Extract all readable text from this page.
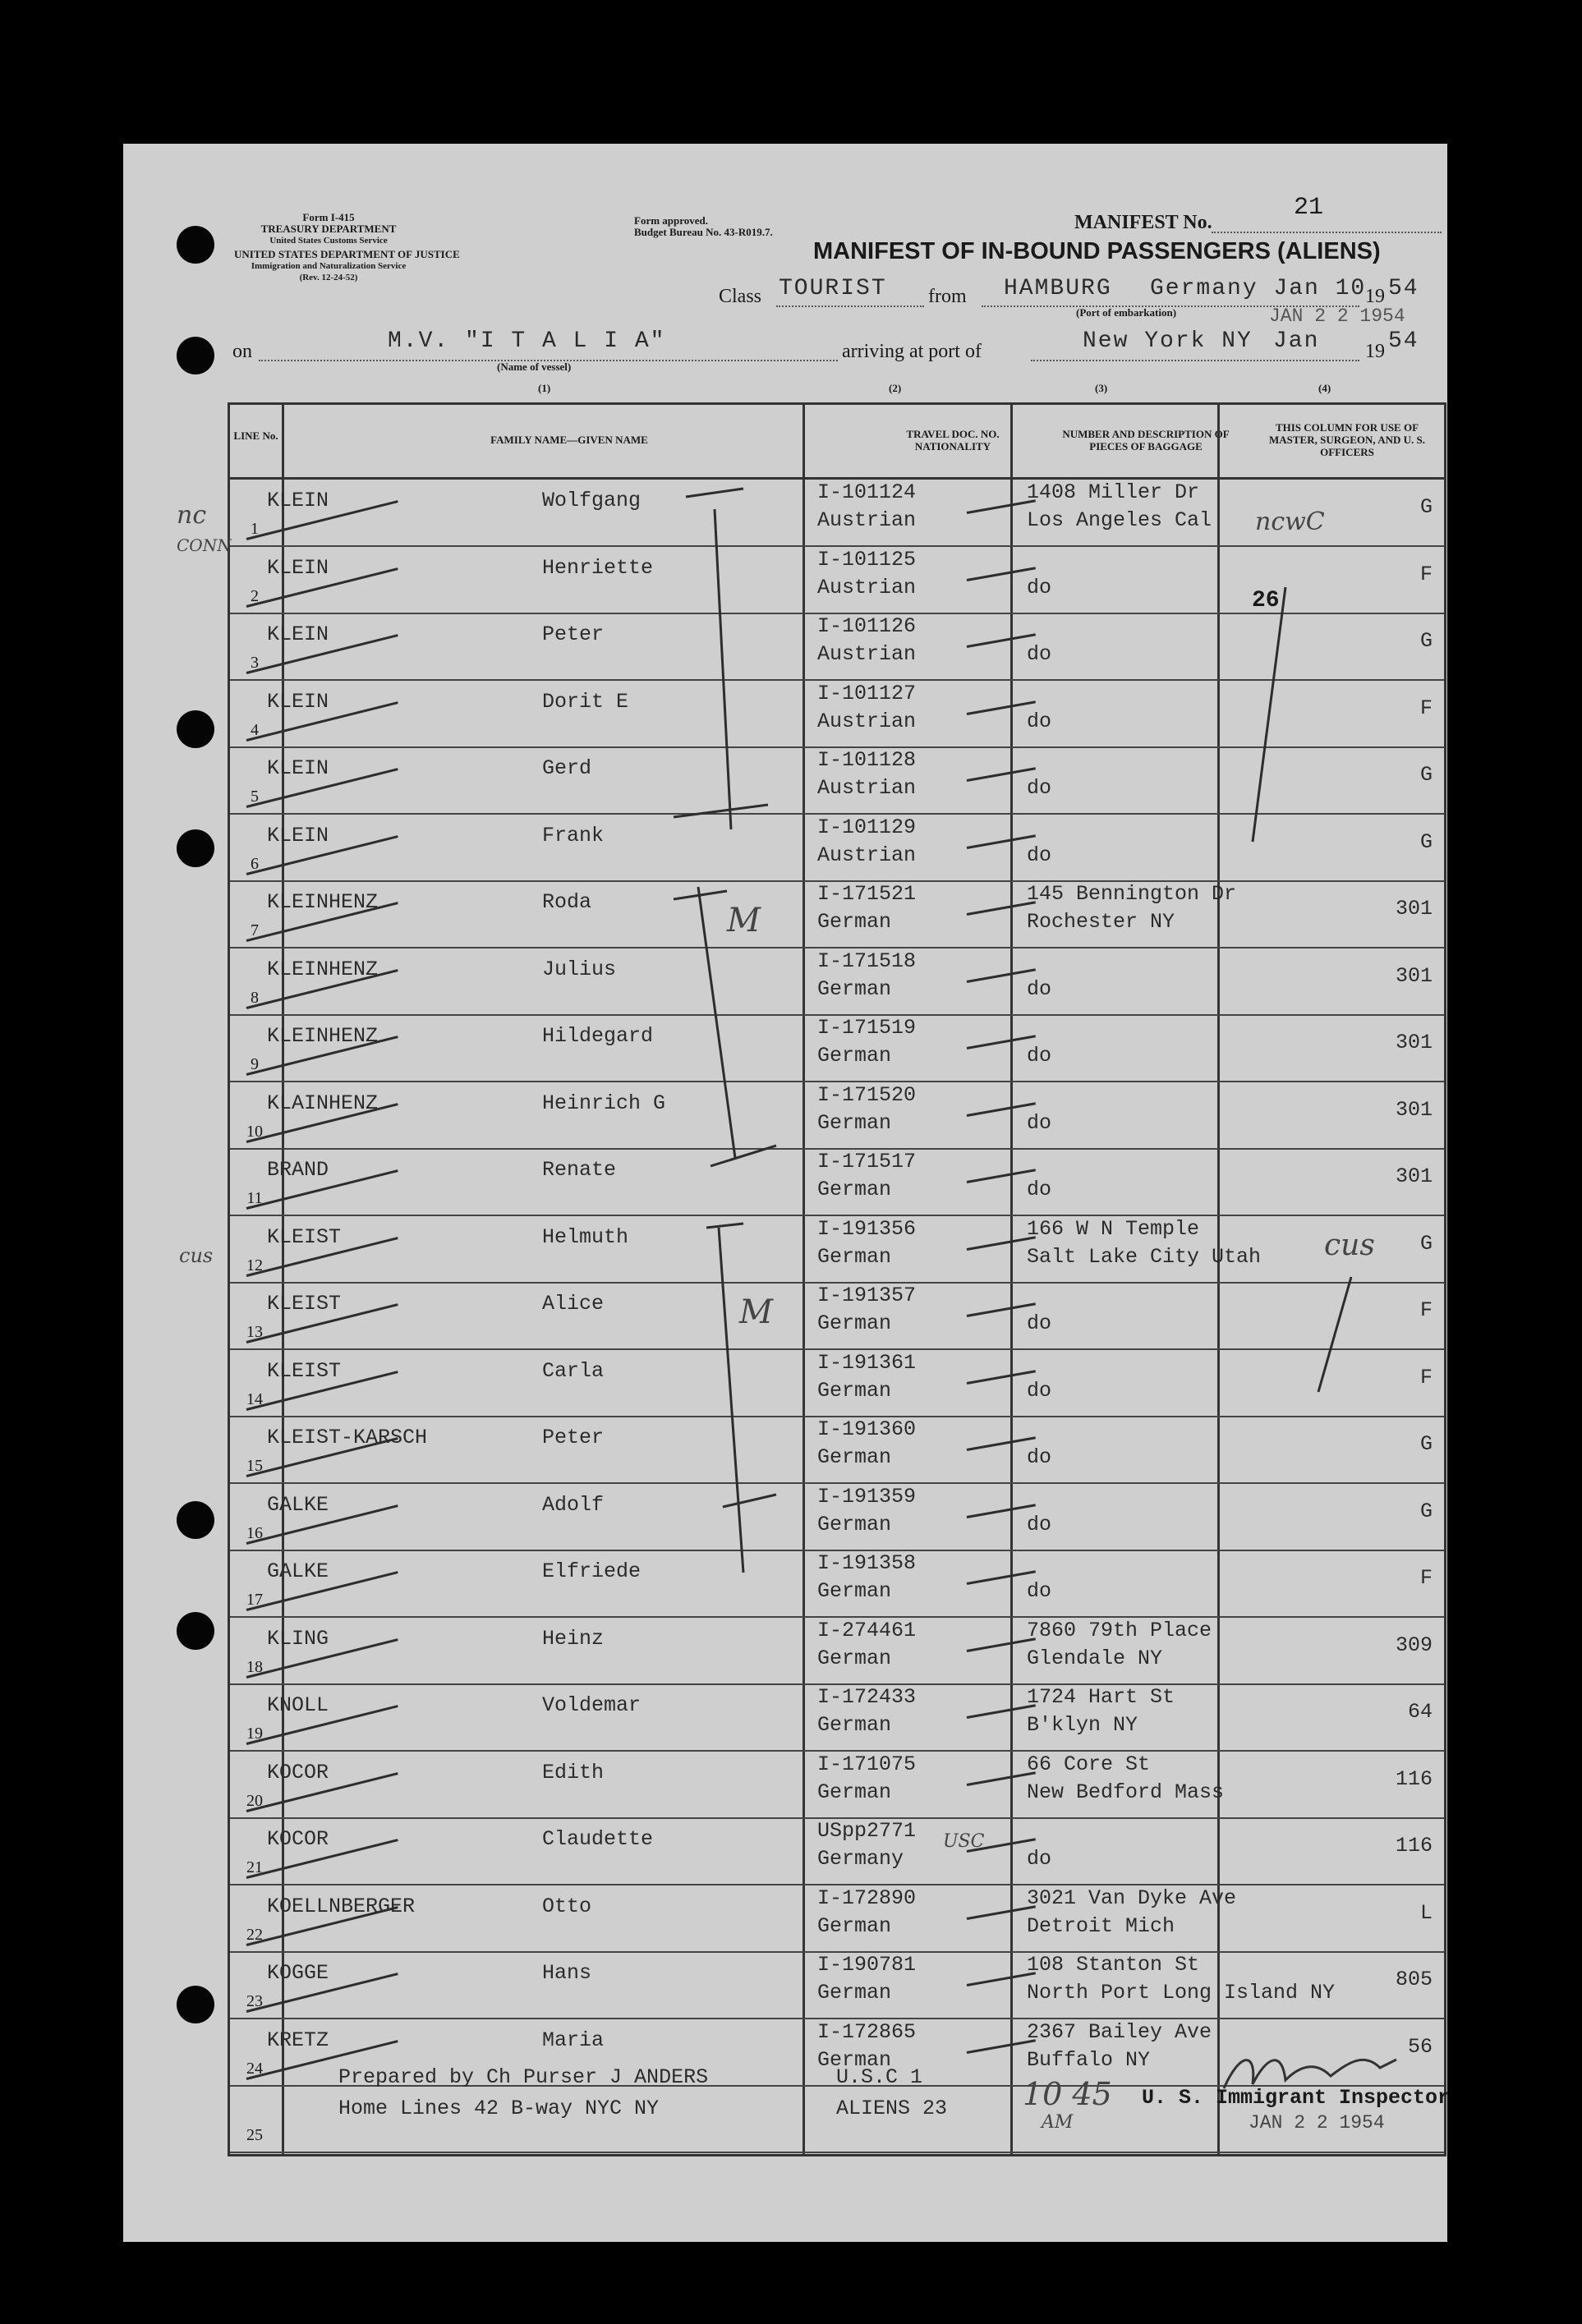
Form I-415
TREASURY DEPARTMENT
United States Customs Service
UNITED STATES DEPARTMENT OF JUSTICE
Immigration and Naturalization Service
(Rev. 12-24-52)
Form approved.
Budget Bureau No. 43-R019.7.	MANIFEST No.
21
MANIFEST OF IN-BOUND PASSENGERS (ALIENS)
Class TOURIST from HAMBURG Germany Jan 10
19 54
(Port of embarkation)	JAN 2 2 1954
on	M.V. "I T A L I A"
(Name of vessel)
arriving at port of	New York NY Jan 19 54
(1)	(2)	(3)	(4)
LINE No.	FAMILY NAME—GIVEN NAME	TRAVEL DOC. NO. NATIONALITY
NUMBER AND DESCRIPTION OF PIECES OF BAGGAGE
THIS COLUMN FOR USE OF MASTER, SURGEON, AND U. S. OFFICERS
1
KLEIN	Wolfgang	I-101124
Austrian
1408 Miller Dr
Los Angeles Cal
G
2
KLEIN	Henriette	I-101125
Austrian	do
F
3
KLEIN	Peter	I-101126
Austrian	do
G
4
KLEIN	Dorit E	I-101127
Austrian	do
F
5
KLEIN	Gerd	I-101128
Austrian	do
G
6
KLEIN	Frank	I-101129
Austrian	do
G
7
KLEINHENZ	Roda	I-171521
German
145 Bennington Dr
Rochester NY
301
8
KLEINHENZ	Julius	I-171518
German	do
301
9
KLEINHENZ	Hildegard	I-171519
German	do
301
10
KLAINHENZ	Heinrich G	I-171520
German	do
301
11
BRAND	Renate	I-171517
German	do
301
12
KLEIST	Helmuth	I-191356
German
166 W N Temple
Salt Lake City Utah
G
13
KLEIST	Alice	I-191357
German	do
F
14
KLEIST	Carla	I-191361
German	do
F
15
KLEIST-KARSCH	Peter	I-191360
German	do
G
16
GALKE	Adolf	I-191359
German	do
G
17
GALKE	Elfriede	I-191358
German	do
F
18
KLING	Heinz	I-274461
German
7860 79th Place
Glendale NY
309
19
KNOLL	Voldemar	I-172433
German
1724 Hart St
B'klyn NY
64
20
KOCOR	Edith	I-171075
German
66 Core St
New Bedford Mass
116
21
KOCOR	Claudette	USpp2771
Germany	do
116
22
KOELLNBERGER	Otto	I-172890
German
3021 Van Dyke Ave
Detroit Mich
L
23
KOGGE	Hans	I-190781
German
108 Stanton St
North Port Long Island NY
805
24
KRETZ	Maria	I-172865
German
2367 Bailey Ave
Buffalo NY
56
25
Prepared by Ch Purser J ANDERS
Home Lines 42 B-way NYC NY
U.S.C 1
ALIENS 23 10 45
AM
U. S. Immigrant Inspector
JAN 2 2 1954
nc
CONN
cus
ncwC
26
M
M
cus
USC
